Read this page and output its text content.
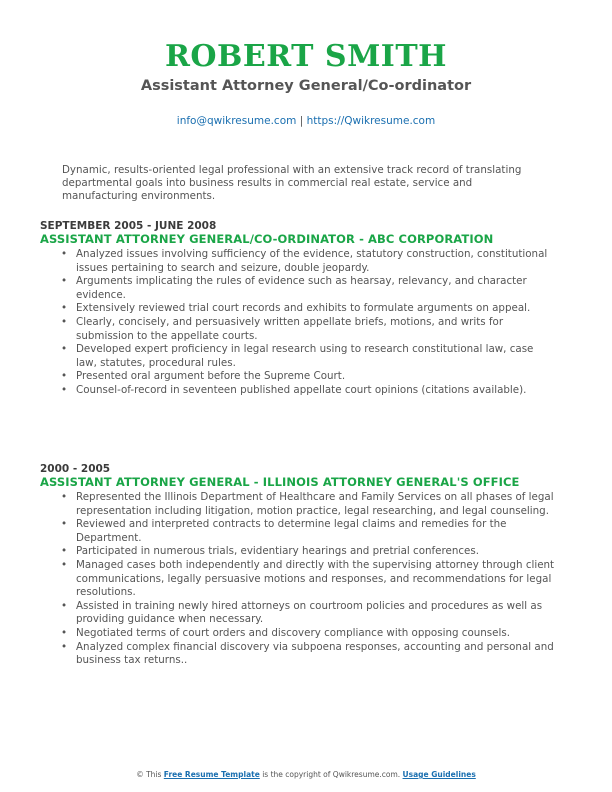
ROBERT SMITH
Assistant Attorney General/Co-ordinator
info@qwikresume.com | https://Qwikresume.com
Dynamic, results-oriented legal professional with an extensive track record of translating departmental goals into business results in commercial real estate, service and manufacturing environments.
SEPTEMBER 2005 - JUNE 2008
ASSISTANT ATTORNEY GENERAL/CO-ORDINATOR - ABC CORPORATION
• Analyzed issues involving sufficiency of the evidence, statutory construction, constitutional issues pertaining to search and seizure, double jeopardy.
• Arguments implicating the rules of evidence such as hearsay, relevancy, and character evidence.
• Extensively reviewed trial court records and exhibits to formulate arguments on appeal.
• Clearly, concisely, and persuasively written appellate briefs, motions, and writs for submission to the appellate courts.
• Developed expert proficiency in legal research using to research constitutional law, case law, statutes, procedural rules.
• Presented oral argument before the Supreme Court.
• Counsel-of-record in seventeen published appellate court opinions (citations available).
2000 - 2005
ASSISTANT ATTORNEY GENERAL - ILLINOIS ATTORNEY GENERAL'S OFFICE
• Represented the Illinois Department of Healthcare and Family Services on all phases of legal representation including litigation, motion practice, legal researching, and legal counseling.
• Reviewed and interpreted contracts to determine legal claims and remedies for the Department.
• Participated in numerous trials, evidentiary hearings and pretrial conferences.
• Managed cases both independently and directly with the supervising attorney through client communications, legally persuasive motions and responses, and recommendations for legal resolutions.
• Assisted in training newly hired attorneys on courtroom policies and procedures as well as providing guidance when necessary.
• Negotiated terms of court orders and discovery compliance with opposing counsels.
• Analyzed complex financial discovery via subpoena responses, accounting and personal and business tax returns..
© This Free Resume Template is the copyright of Qwikresume.com. Usage Guidelines
